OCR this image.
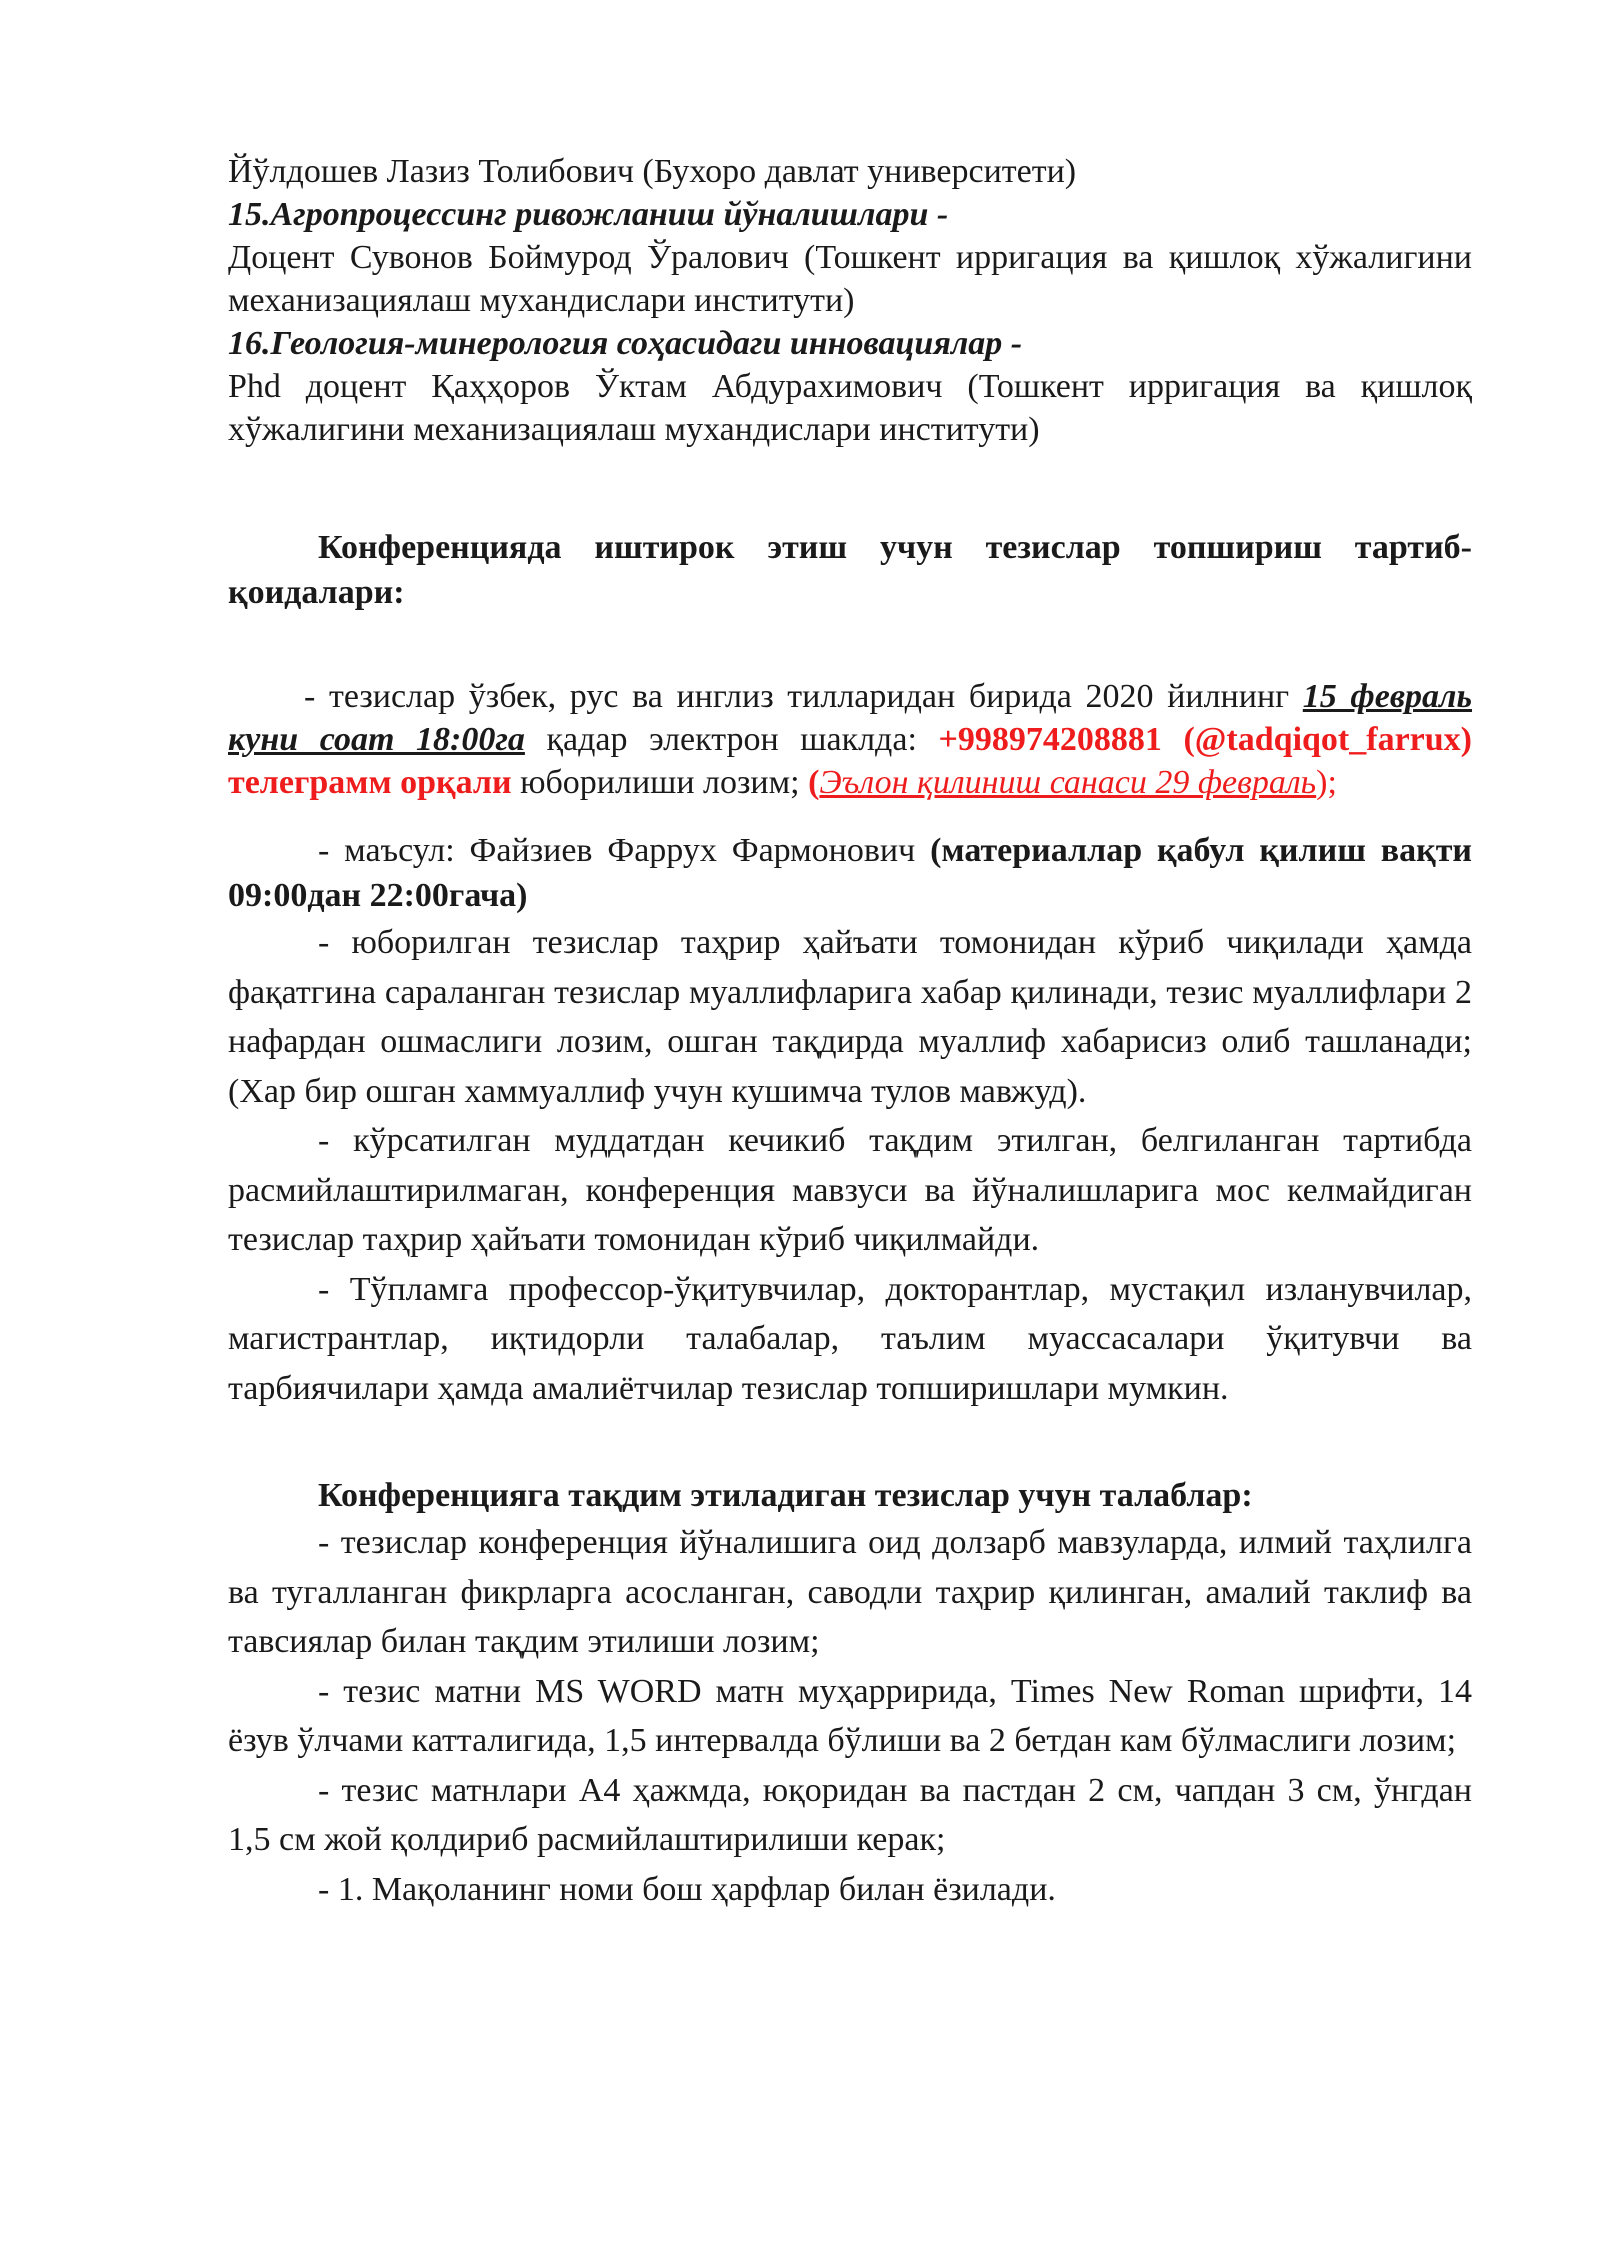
Йўлдошев Лазиз Толибович (Бухоро давлат университети)

15.Агропроцессинг ривожланиш йўналишлари -

Доцент Сувонов Боймурод Ўралович (Тошкент ирригация ва қишлоқ хўжалигини механизациялаш мухандислари институти)

16.Геология-минерология соҳасидаги инновациялар -

Phd доцент Қаҳҳоров Ўктам Абдурахимович (Тошкент ирригация ва қишлоқ хўжалигини механизациялаш мухандислари институти)

Конференцияда иштирок этиш учун тезислар топшириш тартиб-қоидалари:

- тезислар ўзбек, рус ва инглиз тилларидан бирида 2020 йилнинг 15 февраль куни соат 18:00га қадар электрон шаклда: +998974208881 (@tadqiqot_farrux) телеграмм орқали юборилиши лозим; (Эълон қилиниш санаси 29 февраль);

- маъсул: Файзиев Фаррух Фармонович (материаллар қабул қилиш вақти 09:00дан 22:00гача)

- юборилган тезислар таҳрир ҳайъати томонидан кўриб чиқилади ҳамда фақатгина сараланган тезислар муаллифларига хабар қилинади, тезис муаллифлари 2 нафардан ошмаслиги лозим, ошган тақдирда муаллиф хабарисиз олиб ташланади; (Хар бир ошган хаммуаллиф учун кушимча тулов мавжуд).

- кўрсатилган муддатдан кечикиб тақдим этилган, белгиланган тартибда расмийлаштирилмаган, конференция мавзуси ва йўналишларига мос келмайдиган тезислар таҳрир ҳайъати томонидан кўриб чиқилмайди.

- Тўпламга профессор-ўқитувчилар, докторантлар, мустақил изланувчилар, магистрантлар, иқтидорли талабалар, таълим муассасалари ўқитувчи ва тарбиячилари ҳамда амалиётчилар тезислар топширишлари мумкин.

Конференцияга тақдим этиладиган тезислар учун талаблар:

- тезислар конференция йўналишига оид долзарб мавзуларда, илмий таҳлилга ва тугалланган фикрларга асосланган, саводли таҳрир қилинган, амалий таклиф ва тавсиялар билан тақдим этилиши лозим;

- тезис матни MS WORD матн муҳарририда, Times New Roman шрифти, 14 ёзув ўлчами катталигида, 1,5 интервалда бўлиши ва 2 бетдан кам бўлмаслиги лозим;

- тезис матнлари А4 ҳажмда, юқоридан ва пастдан 2 см, чапдан 3 см, ўнгдан 1,5 см жой қолдириб расмийлаштирилиши керак;

- 1. Мақоланинг номи бош ҳарфлар билан ёзилади.
